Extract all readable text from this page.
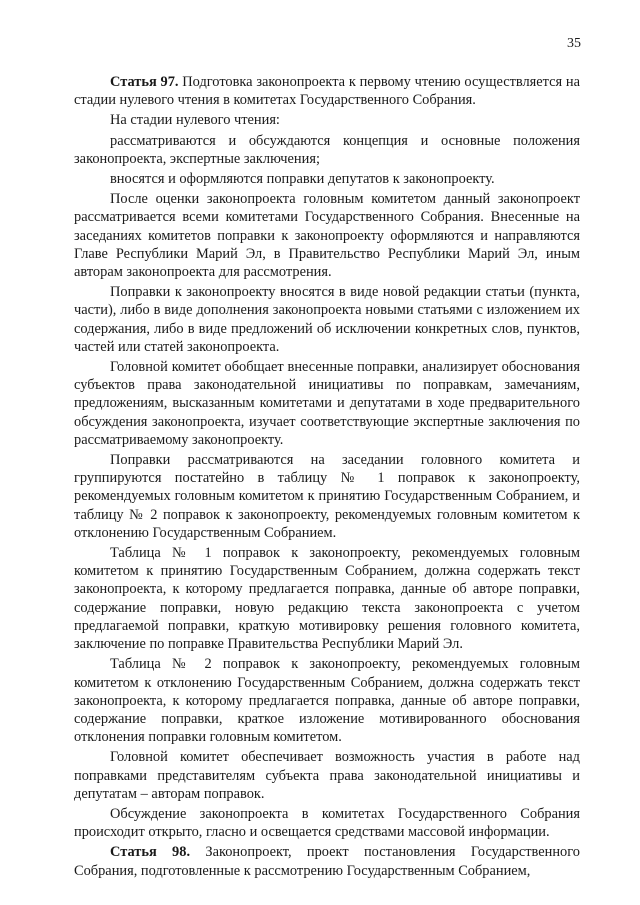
35

Статья 97. Подготовка законопроекта к первому чтению осуществляется на стадии нулевого чтения в комитетах Государственного Собрания.

На стадии нулевого чтения:

рассматриваются и обсуждаются концепция и основные положения законопроекта, экспертные заключения;

вносятся и оформляются поправки депутатов к законопроекту.

После оценки законопроекта головным комитетом данный законопроект рассматривается всеми комитетами Государственного Собрания. Внесенные на заседаниях комитетов поправки к законопроекту оформляются и направляются Главе Республики Марий Эл, в Правительство Республики Марий Эл, иным авторам законопроекта для рассмотрения.

Поправки к законопроекту вносятся в виде новой редакции статьи (пункта, части), либо в виде дополнения законопроекта новыми статьями с изложением их содержания, либо в виде предложений об исключении конкретных слов, пунктов, частей или статей законопроекта.

Головной комитет обобщает внесенные поправки, анализирует обоснования субъектов права законодательной инициативы по поправкам, замечаниям, предложениям, высказанным комитетами и депутатами в ходе предварительного обсуждения законопроекта, изучает соответствующие экспертные заключения по рассматриваемому законопроекту.

Поправки рассматриваются на заседании головного комитета и группируются постатейно в таблицу № 1 поправок к законопроекту, рекомендуемых головным комитетом к принятию Государственным Собранием, и таблицу № 2 поправок к законопроекту, рекомендуемых головным комитетом к отклонению Государственным Собранием.

Таблица № 1 поправок к законопроекту, рекомендуемых головным комитетом к принятию Государственным Собранием, должна содержать текст законопроекта, к которому предлагается поправка, данные об авторе поправки, содержание поправки, новую редакцию текста законопроекта с учетом предлагаемой поправки, краткую мотивировку решения головного комитета, заключение по поправке Правительства Республики Марий Эл.

Таблица № 2 поправок к законопроекту, рекомендуемых головным комитетом к отклонению Государственным Собранием, должна содержать текст законопроекта, к которому предлагается поправка, данные об авторе поправки, содержание поправки, краткое изложение мотивированного обоснования отклонения поправки головным комитетом.

Головной комитет обеспечивает возможность участия в работе над поправками представителям субъекта права законодательной инициативы и депутатам – авторам поправок.

Обсуждение законопроекта в комитетах Государственного Собрания происходит открыто, гласно и освещается средствами массовой информации.

Статья 98. Законопроект, проект постановления Государственного Собрания, подготовленные к рассмотрению Государственным Собранием,
